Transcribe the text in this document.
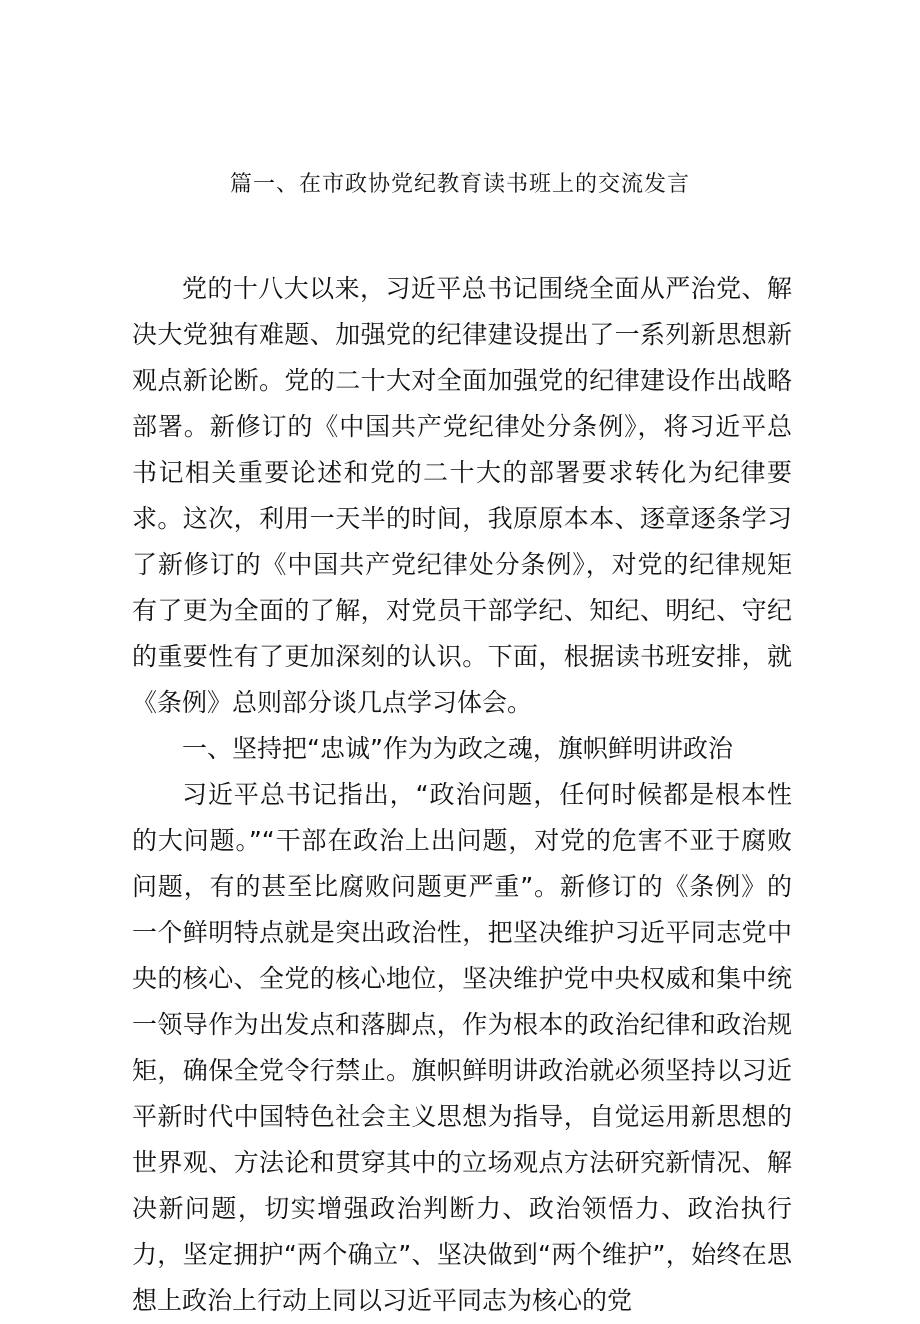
篇一、在市政协党纪教育读书班上的交流发言

党的十八大以来，习近平总书记围绕全面从严治党、解决大党独有难题、加强党的纪律建设提出了一系列新思想新观点新论断。党的二十大对全面加强党的纪律建设作出战略部署。新修订的《中国共产党纪律处分条例》，将习近平总书记相关重要论述和党的二十大的部署要求转化为纪律要求。这次，利用一天半的时间，我原原本本、逐章逐条学习了新修订的《中国共产党纪律处分条例》，对党的纪律规矩有了更为全面的了解，对党员干部学纪、知纪、明纪、守纪的重要性有了更加深刻的认识。下面，根据读书班安排，就《条例》总则部分谈几点学习体会。

一、坚持把“忠诚”作为为政之魂，旗帜鲜明讲政治

习近平总书记指出，“政治问题，任何时候都是根本性的大问题。”“干部在政治上出问题，对党的危害不亚于腐败问题，有的甚至比腐败问题更严重”。新修订的《条例》的一个鲜明特点就是突出政治性，把坚决维护习近平同志党中央的核心、全党的核心地位，坚决维护党中央权威和集中统一领导作为出发点和落脚点，作为根本的政治纪律和政治规矩，确保全党令行禁止。旗帜鲜明讲政治就必须坚持以习近平新时代中国特色社会主义思想为指导，自觉运用新思想的世界观、方法论和贯穿其中的立场观点方法研究新情况、解决新问题，切实增强政治判断力、政治领悟力、政治执行力，坚定拥护“两个确立”、坚决做到“两个维护”，始终在思想上政治上行动上同以习近平同志为核心的党
